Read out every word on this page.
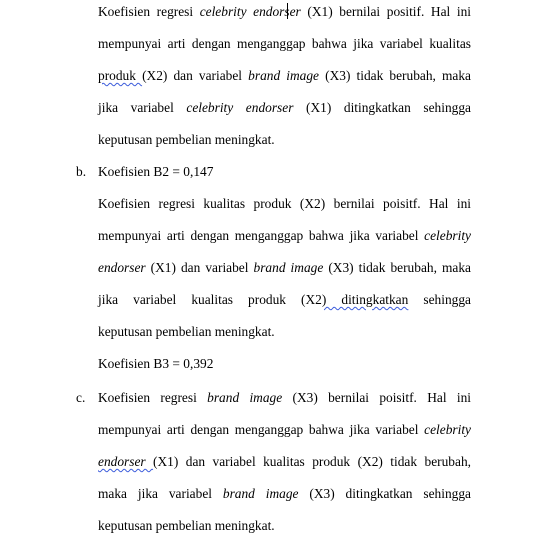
Koefisien regresi celebrity endorser (X1) bernilai positif. Hal ini
mempunyai arti dengan menganggap bahwa jika variabel kualitas
produk (X2) dan variabel brand image (X3) tidak berubah, maka
jika variabel celebrity endorser (X1) ditingkatkan sehingga
keputusan pembelian meningkat.
b. Koefisien B2 = 0,147
Koefisien regresi kualitas produk (X2) bernilai poisitf. Hal ini
mempunyai arti dengan menganggap bahwa jika variabel celebrity
endorser (X1) dan variabel brand image (X3) tidak berubah, maka
jika variabel kualitas produk (X2) ditingkatkan sehingga
keputusan pembelian meningkat.
Koefisien B3 = 0,392
c. Koefisien regresi brand image (X3) bernilai poisitf. Hal ini
mempunyai arti dengan menganggap bahwa jika variabel celebrity
endorser (X1) dan variabel kualitas produk (X2) tidak berubah,
maka jika variabel brand image (X3) ditingkatkan sehingga
keputusan pembelian meningkat.
